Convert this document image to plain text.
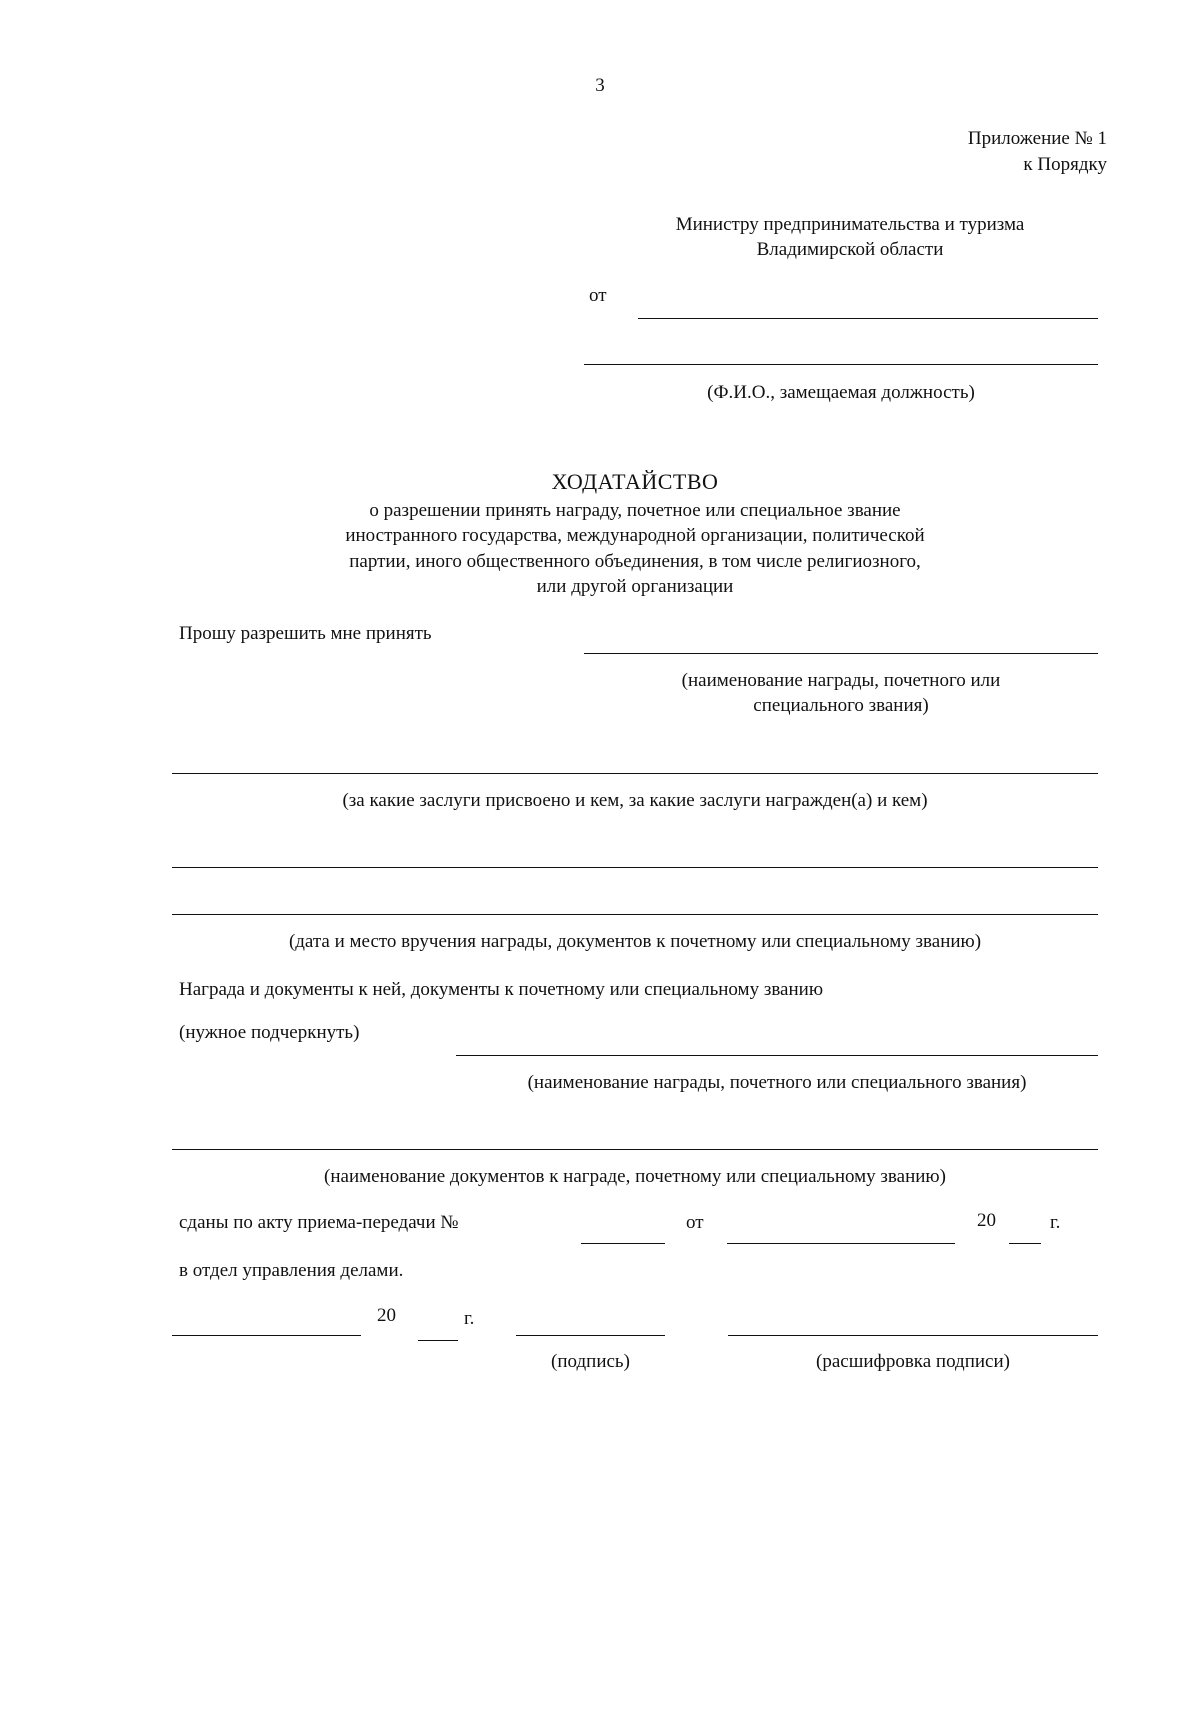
3
Приложение № 1
к Порядку
Министру предпринимательства и туризма
Владимирской области
от
(Ф.И.О., замещаемая должность)
ХОДАТАЙСТВО
о разрешении принять награду, почетное или специальное звание
иностранного государства, международной организации, политической
партии, иного общественного объединения, в том числе религиозного,
или другой организации
Прошу разрешить мне принять
(наименование награды, почетного или
специального звания)
(за какие заслуги присвоено и кем, за какие заслуги награжден(а) и кем)
(дата и место вручения награды, документов к почетному или специальному званию)
Награда и документы к ней, документы к почетному или специальному званию
(нужное подчеркнуть)
(наименование награды, почетного или специального звания)
(наименование документов к награде, почетному или специальному званию)
сданы по акту приема-передачи №	от	20	г.
в отдел управления делами.
20	г.
(подпись)	(расшифровка подписи)
